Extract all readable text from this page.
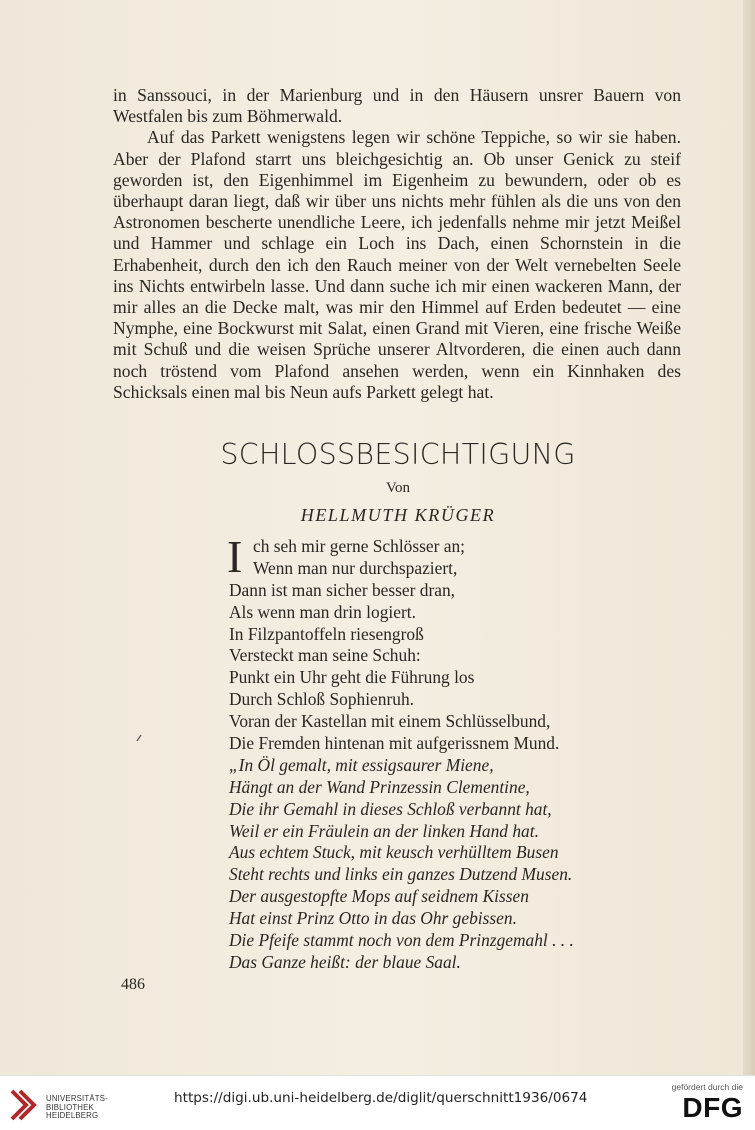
in Sanssouci, in der Marienburg und in den Häusern unsrer Bauern von Westfalen bis zum Böhmerwald.

Auf das Parkett wenigstens legen wir schöne Teppiche, so wir sie haben. Aber der Plafond starrt uns bleichgesichtig an. Ob unser Genick zu steif geworden ist, den Eigenhimmel im Eigenheim zu bewundern, oder ob es überhaupt daran liegt, daß wir über uns nichts mehr fühlen als die uns von den Astronomen bescherte unendliche Leere, ich jedenfalls nehme mir jetzt Meißel und Hammer und schlage ein Loch ins Dach, einen Schornstein in die Erhabenheit, durch den ich den Rauch meiner von der Welt vernebelten Seele ins Nichts entwirbeln lasse. Und dann suche ich mir einen wackeren Mann, der mir alles an die Decke malt, was mir den Himmel auf Erden bedeutet — eine Nymphe, eine Bockwurst mit Salat, einen Grand mit Vieren, eine frische Weiße mit Schuß und die weisen Sprüche unserer Altvorderen, die einen auch dann noch tröstend vom Plafond ansehen werden, wenn ein Kinnhaken des Schicksals einen mal bis Neun aufs Parkett gelegt hat.

SCHLOSSBESICHTIGUNG
Von
HELLMUTH KRÜGER
I ch seh mir gerne Schlösser an;
Wenn man nur durchspaziert,
Dann ist man sicher besser dran,
Als wenn man drin logiert.
In Filzpantoffeln riesengroß
Versteckt man seine Schuh:
Punkt ein Uhr geht die Führung los
Durch Schloß Sophienruh.
Voran der Kastellan mit einem Schlüsselbund,
Die Fremden hintenan mit aufgerissnem Mund.
„In Öl gemalt, mit essigsaurer Miene,
Hängt an der Wand Prinzessin Clementine,
Die ihr Gemahl in dieses Schloß verbannt hat,
Weil er ein Fräulein an der linken Hand hat.
Aus echtem Stuck, mit keusch verhülltem Busen
Steht rechts und links ein ganzes Dutzend Musen.
Der ausgestopfte Mops auf seidnem Kissen
Hat einst Prinz Otto in das Ohr gebissen.
Die Pfeife stammt noch von dem Prinzgemahl . . .
Das Ganze heißt: der blaue Saal.
486
UNIVERSITÄTS-
BIBLIOTHEK
HEIDELBERG
https://digi.ub.uni-heidelberg.de/diglit/querschnitt1936/0674
gefördert durch die
DFG
